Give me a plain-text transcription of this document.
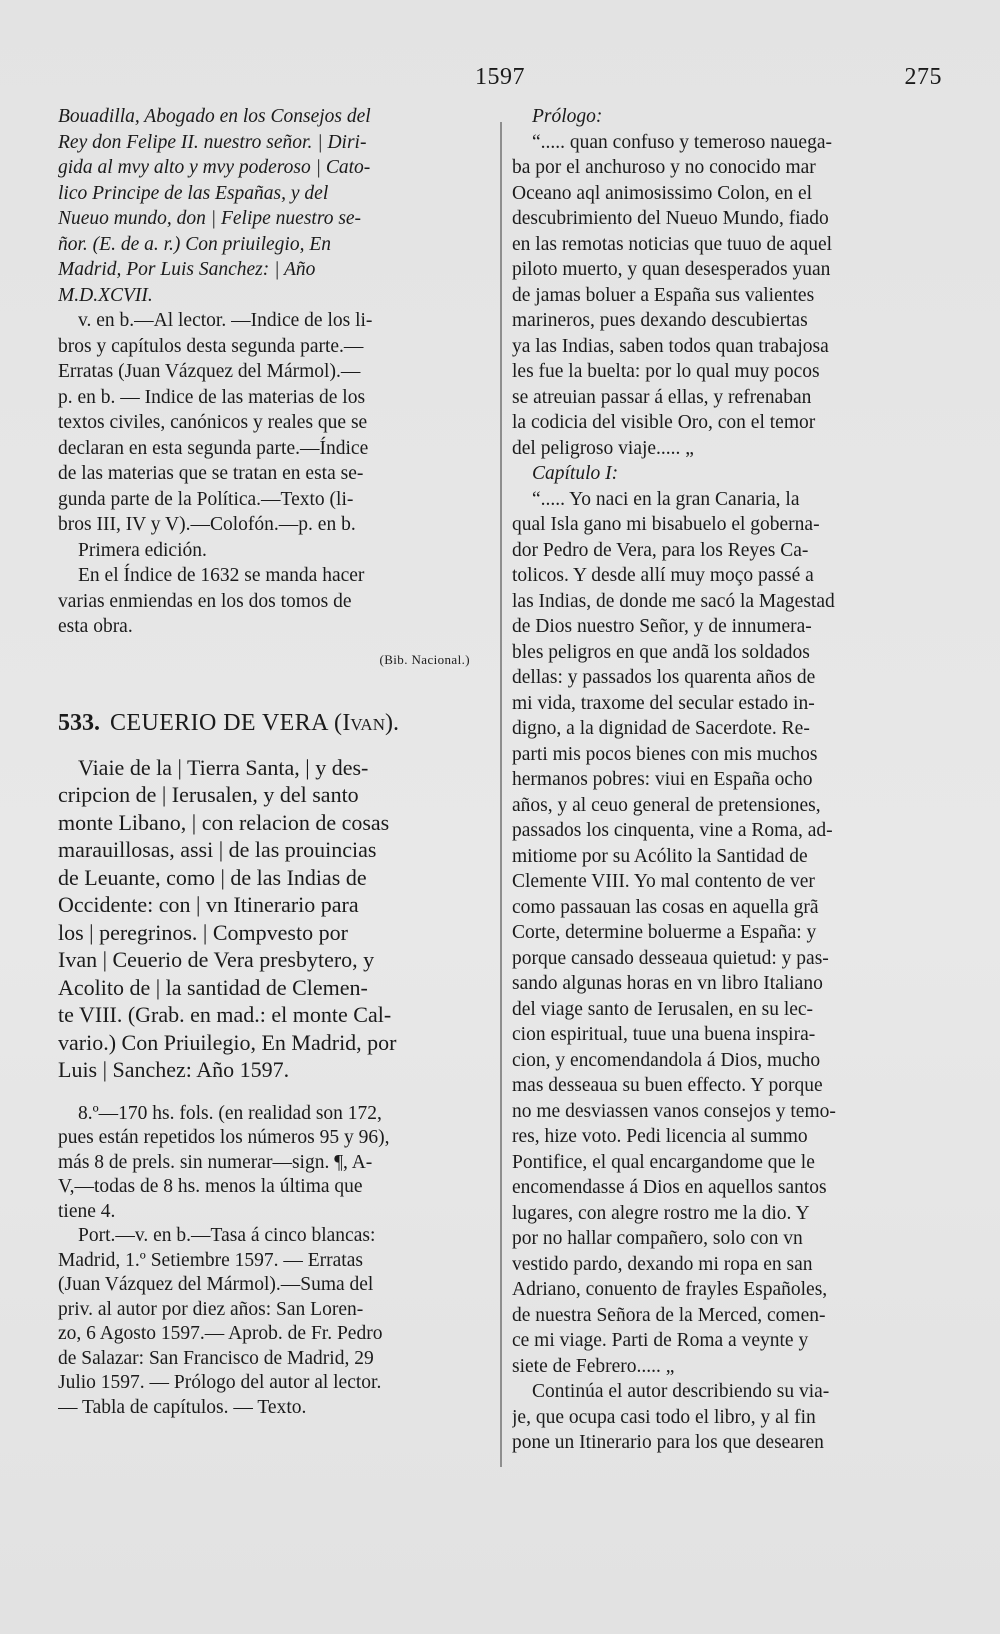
1597	275
Bouadilla, Abogado en los Consejos del
Rey don Felipe II. nuestro señor. | Diri-
gida al mvy alto y mvy poderoso | Cato-
lico Principe de las Españas, y del
Nueuo mundo, don | Felipe nuestro se-
ñor. (E. de a. r.) Con priuilegio, En
Madrid, Por Luis Sanchez: | Año
M.D.XCVII.
v. en b.—Al lector. —Indice de los li-
bros y capítulos desta segunda parte.—
Erratas (Juan Vázquez del Mármol).—
p. en b. — Indice de las materias de los
textos civiles, canónicos y reales que se
declaran en esta segunda parte.—Índice
de las materias que se tratan en esta se-
gunda parte de la Política.—Texto (li-
bros III, IV y V).—Colofón.—p. en b.
Primera edición.
En el Índice de 1632 se manda hacer
varias enmiendas en los dos tomos de
esta obra.
(Bib. Nacional.)
533. CEUERIO DE VERA (Ivan).
Viaie de la | Tierra Santa, | y des-
cripcion de | Ierusalen, y del santo
monte Libano, | con relacion de cosas
marauillosas, assi | de las prouincias
de Leuante, como | de las Indias de
Occidente: con | vn Itinerario para
los | peregrinos. | Compvesto por
Ivan | Ceuerio de Vera presbytero, y
Acolito de | la santidad de Clemen-
te VIII. (Grab. en mad.: el monte Cal-
vario.) Con Priuilegio, En Madrid, por
Luis | Sanchez: Año 1597.
8.º—170 hs. fols. (en realidad son 172,
pues están repetidos los números 95 y 96),
más 8 de prels. sin numerar—sign. ¶, A-
V,—todas de 8 hs. menos la última que
tiene 4.
Port.—v. en b.—Tasa á cinco blancas:
Madrid, 1.º Setiembre 1597. — Erratas
(Juan Vázquez del Mármol).—Suma del
priv. al autor por diez años: San Loren-
zo, 6 Agosto 1597.— Aprob. de Fr. Pedro
de Salazar: San Francisco de Madrid, 29
Julio 1597. — Prólogo del autor al lector.
— Tabla de capítulos. — Texto.
Prólogo:
“..... quan confuso y temeroso nauega-
ba por el anchuroso y no conocido mar
Oceano aql animosissimo Colon, en el
descubrimiento del Nueuo Mundo, fiado
en las remotas noticias que tuuo de aquel
piloto muerto, y quan desesperados yuan
de jamas boluer a España sus valientes
marineros, pues dexando descubiertas
ya las Indias, saben todos quan trabajosa
les fue la buelta: por lo qual muy pocos
se atreuian passar á ellas, y refrenaban
la codicia del visible Oro, con el temor
del peligroso viaje..... „
Capítulo I:
“..... Yo naci en la gran Canaria, la
qual Isla gano mi bisabuelo el goberna-
dor Pedro de Vera, para los Reyes Ca-
tolicos. Y desde allí muy moço passé a
las Indias, de donde me sacó la Magestad
de Dios nuestro Señor, y de innumera-
bles peligros en que andã los soldados
dellas: y passados los quarenta años de
mi vida, traxome del secular estado in-
digno, a la dignidad de Sacerdote. Re-
parti mis pocos bienes con mis muchos
hermanos pobres: viui en España ocho
años, y al ceuo general de pretensiones,
passados los cinquenta, vine a Roma, ad-
mitiome por su Acólito la Santidad de
Clemente VIII. Yo mal contento de ver
como passauan las cosas en aquella grã
Corte, determine boluerme a España: y
porque cansado desseaua quietud: y pas-
sando algunas horas en vn libro Italiano
del viage santo de Ierusalen, en su lec-
cion espiritual, tuue una buena inspira-
cion, y encomendandola á Dios, mucho
mas desseaua su buen effecto. Y porque
no me desviassen vanos consejos y temo-
res, hize voto. Pedi licencia al summo
Pontifice, el qual encargandome que le
encomendasse á Dios en aquellos santos
lugares, con alegre rostro me la dio. Y
por no hallar compañero, solo con vn
vestido pardo, dexando mi ropa en san
Adriano, conuento de frayles Españoles,
de nuestra Señora de la Merced, comen-
ce mi viage. Parti de Roma a veynte y
siete de Febrero..... „
Continúa el autor describiendo su via-
je, que ocupa casi todo el libro, y al fin
pone un Itinerario para los que desearen
